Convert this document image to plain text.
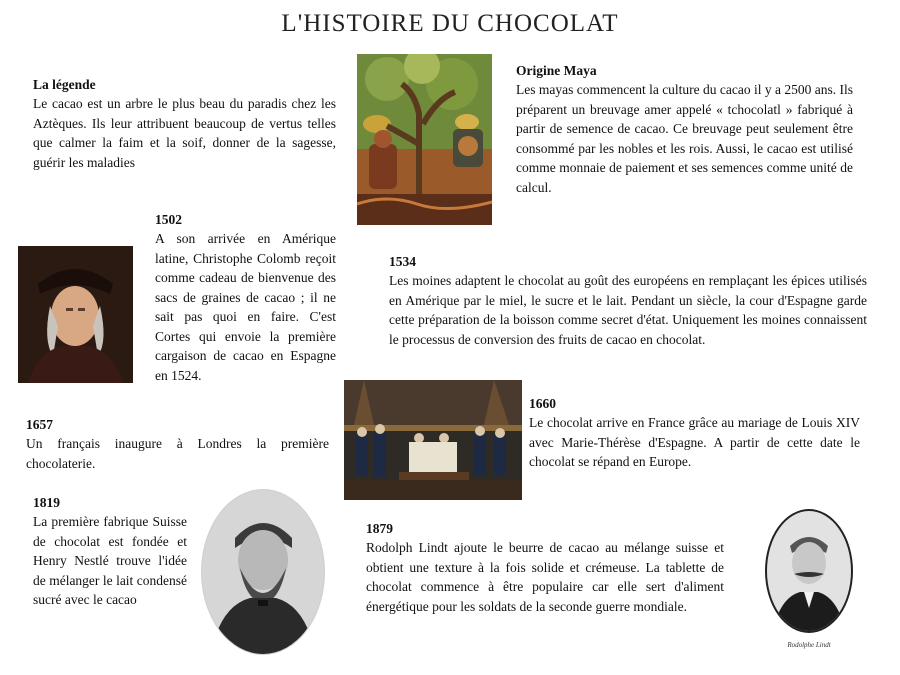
L'HISTOIRE DU CHOCOLAT

La légende

Le cacao est un arbre le plus beau du paradis chez les Aztèques. Ils leur attribuent beaucoup de vertus telles que calmer la faim et la soif, donner de la sagesse, guérir les maladies

Origine Maya

Les mayas commencent la culture du cacao il y a 2500 ans. Ils préparent un breuvage amer appelé « tchocolatl » fabriqué à partir de semence de cacao. Ce breuvage peut seulement être consommé par les nobles et les rois. Aussi, le cacao est utilisé comme monnaie de paiement et ses semences comme unité de calcul.

1502

A son arrivée en Amérique latine, Christophe Colomb reçoit comme cadeau de bienvenue des sacs de graines de cacao ; il ne sait pas quoi en faire. C'est Cortes qui envoie la première cargaison de cacao en Espagne en 1524.

1534

Les moines adaptent le chocolat au goût des européens en remplaçant les épices utilisés en Amérique par le miel, le sucre et le lait. Pendant un siècle, la cour d'Espagne garde cette préparation de la boisson comme secret d'état. Uniquement les moines connaissent le processus de conversion des fruits de cacao en chocolat.

1657

Un français inaugure à Londres la première chocolaterie.

1660

Le chocolat arrive en France grâce au mariage de Louis XIV avec Marie-Thérèse d'Espagne. A partir de cette date le chocolat se répand en Europe.

1819

La première fabrique Suisse de chocolat est fondée et Henry Nestlé trouve l'idée de mélanger le lait condensé sucré avec le cacao

1879

Rodolph Lindt ajoute le beurre de cacao au mélange suisse et obtient une texture à la fois solide et crémeuse. La tablette de chocolat commence à être populaire car elle sert d'aliment énergétique pour les soldats de la seconde guerre mondiale.

Rodolphe Lindt
